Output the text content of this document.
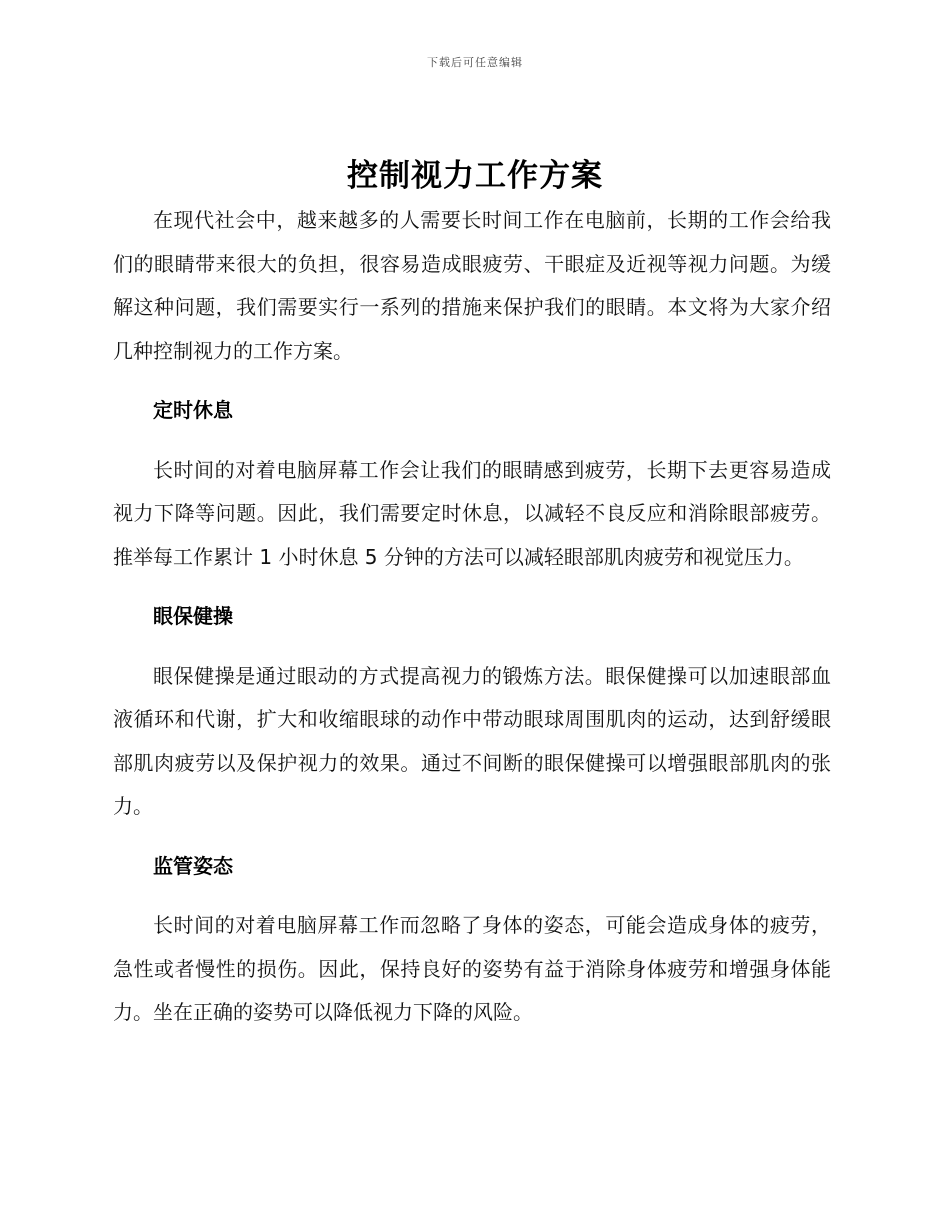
下载后可任意编辑
控制视力工作方案

在现代社会中，越来越多的人需要长时间工作在电脑前，长期的工作会给我们的眼睛带来很大的负担，很容易造成眼疲劳、干眼症及近视等视力问题。为缓解这种问题，我们需要实行一系列的措施来保护我们的眼睛。本文将为大家介绍几种控制视力的工作方案。

定时休息

长时间的对着电脑屏幕工作会让我们的眼睛感到疲劳，长期下去更容易造成视力下降等问题。因此，我们需要定时休息，以减轻不良反应和消除眼部疲劳。推举每工作累计 1 小时休息 5 分钟的方法可以减轻眼部肌肉疲劳和视觉压力。

眼保健操

眼保健操是通过眼动的方式提高视力的锻炼方法。眼保健操可以加速眼部血液循环和代谢，扩大和收缩眼球的动作中带动眼球周围肌肉的运动，达到舒缓眼部肌肉疲劳以及保护视力的效果。通过不间断的眼保健操可以增强眼部肌肉的张力。

监管姿态

长时间的对着电脑屏幕工作而忽略了身体的姿态，可能会造成身体的疲劳，急性或者慢性的损伤。因此，保持良好的姿势有益于消除身体疲劳和增强身体能力。坐在正确的姿势可以降低视力下降的风险。
